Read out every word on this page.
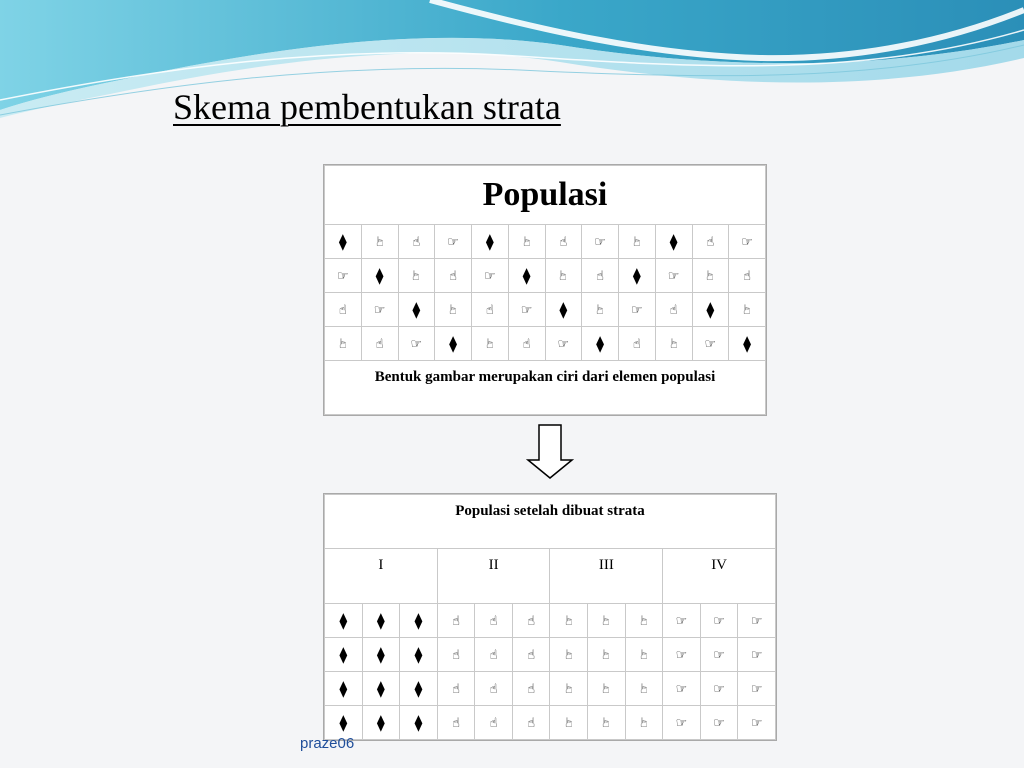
Skema pembentukan strata
Populasi											
⧫	☝	☝	☞	⧫	☝	☝	☞	☝	⧫	☝	☞
☞	⧫	☝	☝	☞	⧫	☝	☝	⧫	☞	☝	☝
☝	☞	⧫	☝	☝	☞	⧫	☝	☞	☝	⧫	☝
☝	☝	☞	⧫	☝	☝	☞	⧫	☝	☝	☞	⧫
Bentuk gambar merupakan ciri dari elemen populasi											
Populasi setelah dibuat strata											
I			II			III			IV		
⧫	⧫	⧫	☝	☝	☝	☝	☝	☝	☞	☞	☞
⧫	⧫	⧫	☝	☝	☝	☝	☝	☝	☞	☞	☞
⧫	⧫	⧫	☝	☝	☝	☝	☝	☝	☞	☞	☞
⧫	⧫	⧫	☝	☝	☝	☝	☝	☝	☞	☞	☞
praze06
